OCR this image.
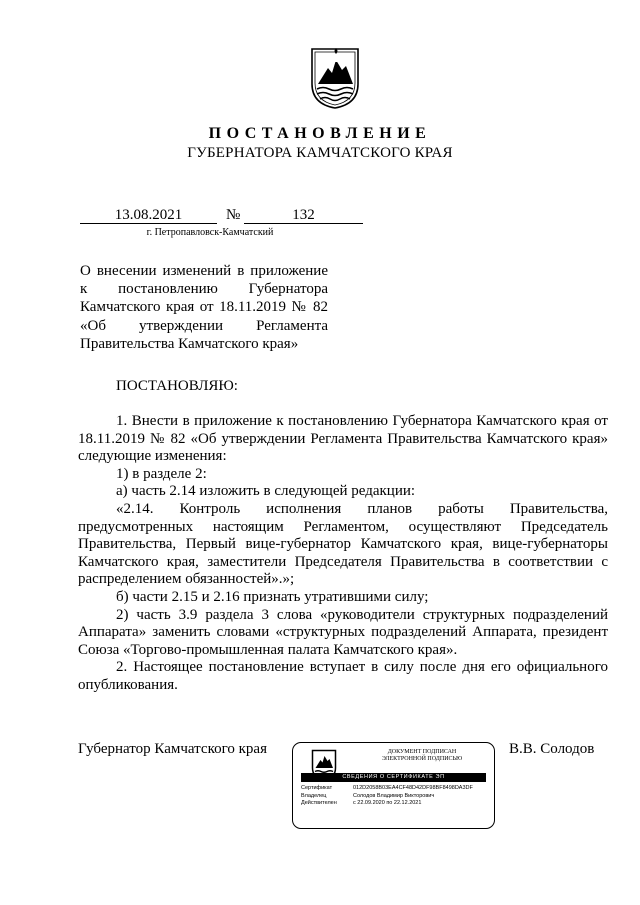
ПОСТАНОВЛЕНИЕ
ГУБЕРНАТОРА КАМЧАТСКОГО КРАЯ
13.08.2021	№	132
г. Петропавловск-Камчатский
О внесении изменений в приложение
к постановлению Губернатора
Камчатского края от 18.11.2019 № 82
«Об утверждении Регламента
Правительства Камчатского края»
ПОСТАНОВЛЯЮ:
1. Внести в приложение к постановлению Губернатора Камчатского края от
18.11.2019 № 82 «Об утверждении Регламента Правительства Камчатского края»
следующие изменения:
1) в разделе 2:
а) часть 2.14 изложить в следующей редакции:
«2.14. Контроль исполнения планов работы Правительства,
предусмотренных настоящим Регламентом, осуществляют Председатель
Правительства, Первый вице-губернатор Камчатского края, вице-губернаторы
Камчатского края, заместители Председателя Правительства в соответствии с
распределением обязанностей».»;
б) части 2.15 и 2.16 признать утратившими силу;
2) часть 3.9 раздела 3 слова «руководители структурных подразделений
Аппарата» заменить словами «структурных подразделений Аппарата, президент
Союза «Торгово-промышленная палата Камчатского края».
2. Настоящее постановление вступает в силу после дня его официального
опубликования.
Губернатор Камчатского края	ДОКУМЕНТ ПОДПИСАН
ЭЛЕКТРОННОЙ ПОДПИСЬЮ
СВЕДЕНИЯ О СЕРТИФИКАТЕ ЭП
Сертификат	012D2058B03EA4CF48D42DF98BF8498DA3DF
Владелец	Солодов Владимир Викторович
Действителен	с 22.09.2020 по 22.12.2021
В.В. Солодов
